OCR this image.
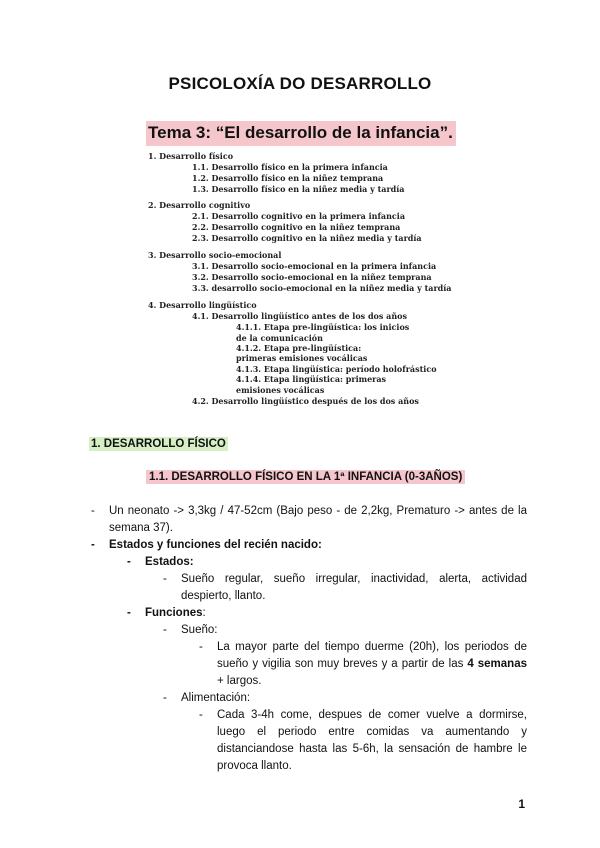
PSICOLOXÍA DO DESARROLLO
Tema 3: “El desarrollo de la infancia”.
1. Desarrollo físico
1.1. Desarrollo físico en la primera infancia
1.2. Desarrollo físico en la niñez temprana
1.3. Desarrollo físico en la niñez media y tardía
2. Desarrollo cognitivo
2.1. Desarrollo cognitivo en la primera infancia
2.2. Desarrollo cognitivo en la niñez temprana
2.3. Desarrollo cognitivo en la niñez media y tardía
3. Desarrollo socio-emocional
3.1. Desarrollo socio-emocional en la primera infancia
3.2. Desarrollo socio-emocional en la niñez temprana
3.3. desarrollo socio-emocional en la niñez media y tardía
4. Desarrollo lingüístico
4.1. Desarrollo lingüístico antes de los dos años
4.1.1. Etapa pre-lingüística: los inicios
de la comunicación
4.1.2. Etapa pre-lingüística:
primeras emisiones vocálicas
4.1.3. Etapa lingüística: período holofrástico
4.1.4. Etapa lingüística: primeras
emisiones vocálicas
4.2. Desarrollo lingüístico después de los dos años
1. DESARROLLO FÍSICO
1.1. DESARROLLO FÍSICO EN LA 1ª INFANCIA (0-3AÑOS)
- Un neonato -> 3,3kg / 47-52cm (Bajo peso - de 2,2kg, Prematuro -> antes de la semana 37).
- Estados y funciones del recién nacido:
- Estados:
- Sueño regular, sueño irregular, inactividad, alerta, actividad despierto, llanto.
- Funciones:
- Sueño:
- La mayor parte del tiempo duerme (20h), los periodos de sueño y vigilia son muy breves y a partir de las 4 semanas + largos.
- Alimentación:
- Cada 3-4h come, despues de comer vuelve a dormirse, luego el periodo entre comidas va aumentando y distanciandose hasta las 5-6h, la sensación de hambre le provoca llanto.
1
